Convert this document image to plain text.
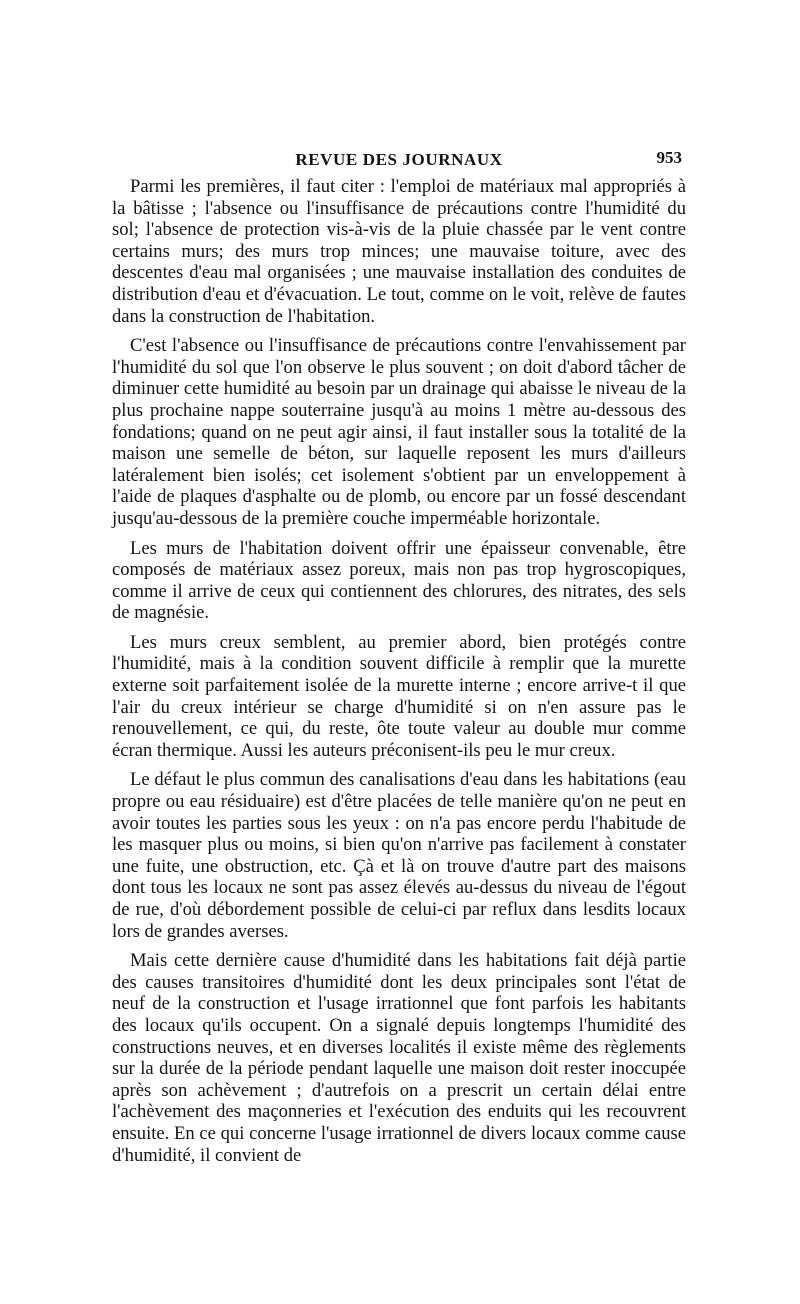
REVUE DES JOURNAUX	953

Parmi les premières, il faut citer : l'emploi de matériaux mal appropriés à la bâtisse ; l'absence ou l'insuffisance de précautions contre l'humidité du sol; l'absence de protection vis-à-vis de la pluie chassée par le vent contre certains murs; des murs trop minces; une mauvaise toiture, avec des descentes d'eau mal organisées ; une mauvaise installation des conduites de distribution d'eau et d'évacuation. Le tout, comme on le voit, relève de fautes dans la construction de l'habitation.

C'est l'absence ou l'insuffisance de précautions contre l'envahissement par l'humidité du sol que l'on observe le plus souvent ; on doit d'abord tâcher de diminuer cette humidité au besoin par un drainage qui abaisse le niveau de la plus prochaine nappe souterraine jusqu'à au moins 1 mètre au-dessous des fondations; quand on ne peut agir ainsi, il faut installer sous la totalité de la maison une semelle de béton, sur laquelle reposent les murs d'ailleurs latéralement bien isolés; cet isolement s'obtient par un enveloppement à l'aide de plaques d'asphalte ou de plomb, ou encore par un fossé descendant jusqu'au-dessous de la première couche imperméable horizontale.

Les murs de l'habitation doivent offrir une épaisseur convenable, être composés de matériaux assez poreux, mais non pas trop hygroscopiques, comme il arrive de ceux qui contiennent des chlorures, des nitrates, des sels de magnésie.

Les murs creux semblent, au premier abord, bien protégés contre l'humidité, mais à la condition souvent difficile à remplir que la murette externe soit parfaitement isolée de la murette interne ; encore arrive-t il que l'air du creux intérieur se charge d'humidité si on n'en assure pas le renouvellement, ce qui, du reste, ôte toute valeur au double mur comme écran thermique. Aussi les auteurs préconisent-ils peu le mur creux.

Le défaut le plus commun des canalisations d'eau dans les habitations (eau propre ou eau résiduaire) est d'être placées de telle manière qu'on ne peut en avoir toutes les parties sous les yeux : on n'a pas encore perdu l'habitude de les masquer plus ou moins, si bien qu'on n'arrive pas facilement à constater une fuite, une obstruction, etc. Çà et là on trouve d'autre part des maisons dont tous les locaux ne sont pas assez élevés au-dessus du niveau de l'égout de rue, d'où débordement possible de celui-ci par reflux dans lesdits locaux lors de grandes averses.

Mais cette dernière cause d'humidité dans les habitations fait déjà partie des causes transitoires d'humidité dont les deux principales sont l'état de neuf de la construction et l'usage irrationnel que font parfois les habitants des locaux qu'ils occupent. On a signalé depuis longtemps l'humidité des constructions neuves, et en diverses localités il existe même des règlements sur la durée de la période pendant laquelle une maison doit rester inoccupée après son achèvement ; d'autrefois on a prescrit un certain délai entre l'achèvement des maçonneries et l'exécution des enduits qui les recouvrent ensuite. En ce qui concerne l'usage irrationnel de divers locaux comme cause d'humidité, il convient de
